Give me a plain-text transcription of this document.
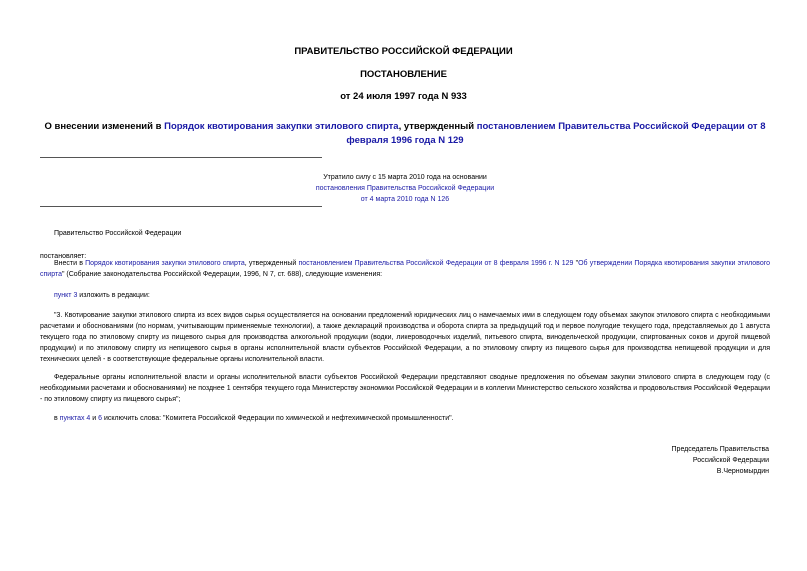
ПРАВИТЕЛЬСТВО РОССИЙСКОЙ ФЕДЕРАЦИИ
ПОСТАНОВЛЕНИЕ
от 24 июля 1997 года N 933
О внесении изменений в Порядок квотирования закупки этилового спирта, утвержденный постановлением Правительства Российской Федерации от 8 февраля 1996 года N 129
Утратило силу с 15 марта 2010 года на основании
постановления Правительства Российской Федерации
от 4 марта 2010 года N 126
Правительство Российской Федерации
постановляет:
Внести в Порядок квотирования закупки этилового спирта, утвержденный постановлением Правительства Российской Федерации от 8 февраля 1996 г. N 129 "Об утверждении Порядка квотирования закупки этилового спирта" (Собрание законодательства Российской Федерации, 1996, N 7, ст. 688), следующие изменения:
пункт 3 изложить в редакции:
"3. Квотирование закупки этилового спирта из всех видов сырья осуществляется на основании предложений юридических лиц о намечаемых ими в следующем году объемах закупок этилового спирта с необходимыми расчетами и обоснованиями (по нормам, учитывающим применяемые технологии), а также деклараций производства и оборота спирта за предыдущий год и первое полугодие текущего года, представляемых до 1 августа текущего года по этиловому спирту из пищевого сырья для производства алкогольной продукции (водки, ликероводочных изделий, питьевого спирта, винодельческой продукции, спиртованных соков и другой пищевой продукции) и по этиловому спирту из непищевого сырья в органы исполнительной власти субъектов Российской Федерации, а по этиловому спирту из пищевого сырья для производства непищевой продукции и для технических целей - в соответствующие федеральные органы исполнительной власти.
Федеральные органы исполнительной власти и органы исполнительной власти субъектов Российской Федерации представляют сводные предложения по объемам закупки этилового спирта в следующем году (с необходимыми расчетами и обоснованиями) не позднее 1 сентября текущего года Министерству экономики Российской Федерации и в коллегии Министерство сельского хозяйства и продовольствия Российской Федерации - по этиловому спирту из пищевого сырья";
в пунктах 4 и 6 исключить слова: "Комитета Российской Федерации по химической и нефтехимической промышленности".
Председатель Правительства
Российской Федерации
В.Черномырдин
